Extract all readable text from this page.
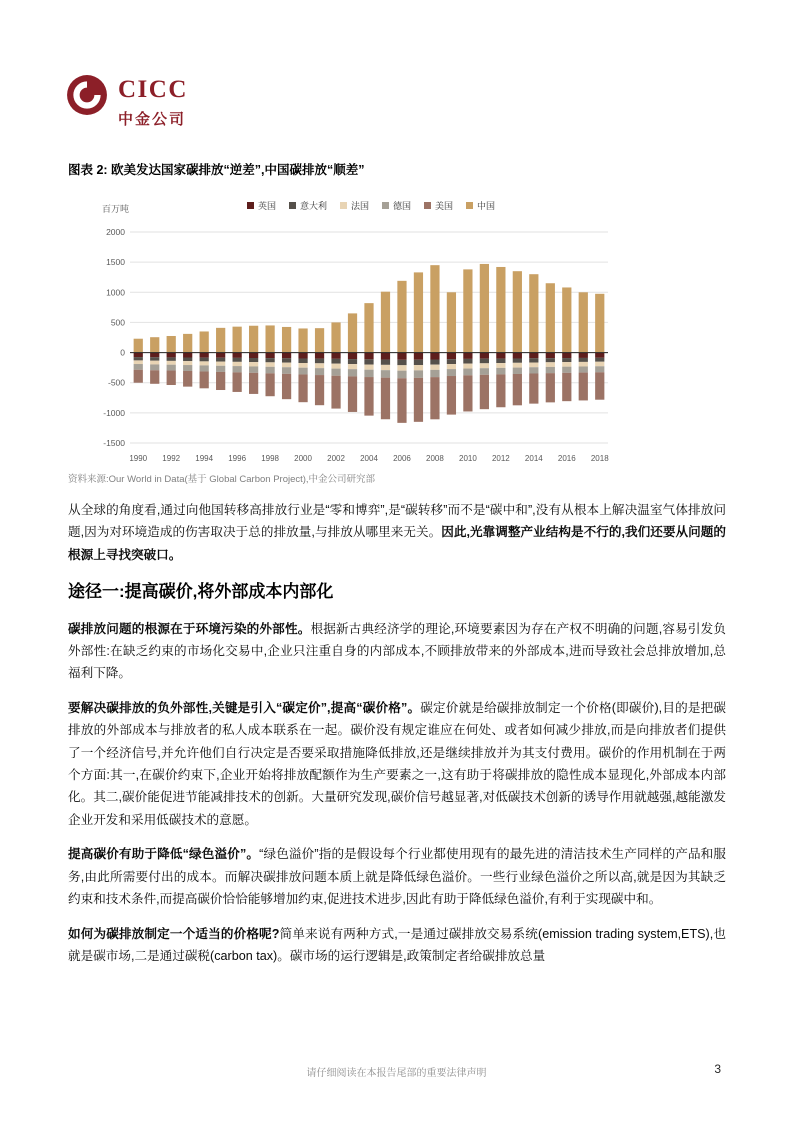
CICC
中金公司
图表 2: 欧美发达国家碳排放“逆差”,中国碳排放“顺差”
百万吨	英国	意大利	法国	德国	美国	中国
-1500
-1000
-500
0
500
1000
1500
2000
1990 1992 1994 1996 1998 2000 2002 2004 2006 2008 2010 2012 2014 2016 2018
资料来源:Our World in Data(基于 Global Carbon Project),中金公司研究部

从全球的角度看,通过向他国转移高排放行业是“零和博弈”,是“碳转移”而不是“碳中和”,没有从根本上解决温室气体排放问题,因为对环境造成的伤害取决于总的排放量,与排放从哪里来无关。因此,光靠调整产业结构是不行的,我们还要从问题的根源上寻找突破口。

途径一:提高碳价,将外部成本内部化

碳排放问题的根源在于环境污染的外部性。根据新古典经济学的理论,环境要素因为存在产权不明确的问题,容易引发负外部性:在缺乏约束的市场化交易中,企业只注重自身的内部成本,不顾排放带来的外部成本,进而导致社会总排放增加,总福利下降。

要解决碳排放的负外部性,关键是引入“碳定价”,提高“碳价格”。碳定价就是给碳排放制定一个价格(即碳价),目的是把碳排放的外部成本与排放者的私人成本联系在一起。碳价没有规定谁应在何处、或者如何减少排放,而是向排放者们提供了一个经济信号,并允许他们自行决定是否要采取措施降低排放,还是继续排放并为其支付费用。碳价的作用机制在于两个方面:其一,在碳价约束下,企业开始将排放配额作为生产要素之一,这有助于将碳排放的隐性成本显现化,外部成本内部化。其二,碳价能促进节能减排技术的创新。大量研究发现,碳价信号越显著,对低碳技术创新的诱导作用就越强,越能激发企业开发和采用低碳技术的意愿。

提高碳价有助于降低“绿色溢价”。“绿色溢价”指的是假设每个行业都使用现有的最先进的清洁技术生产同样的产品和服务,由此所需要付出的成本。而解决碳排放问题本质上就是降低绿色溢价。一些行业绿色溢价之所以高,就是因为其缺乏约束和技术条件,而提高碳价恰恰能够增加约束,促进技术进步,因此有助于降低绿色溢价,有利于实现碳中和。

如何为碳排放制定一个适当的价格呢?简单来说有两种方式,一是通过碳排放交易系统(emission trading system,ETS),也就是碳市场,二是通过碳税(carbon tax)。碳市场的运行逻辑是,政策制定者给碳排放总量

请仔细阅读在本报告尾部的重要法律声明	3
